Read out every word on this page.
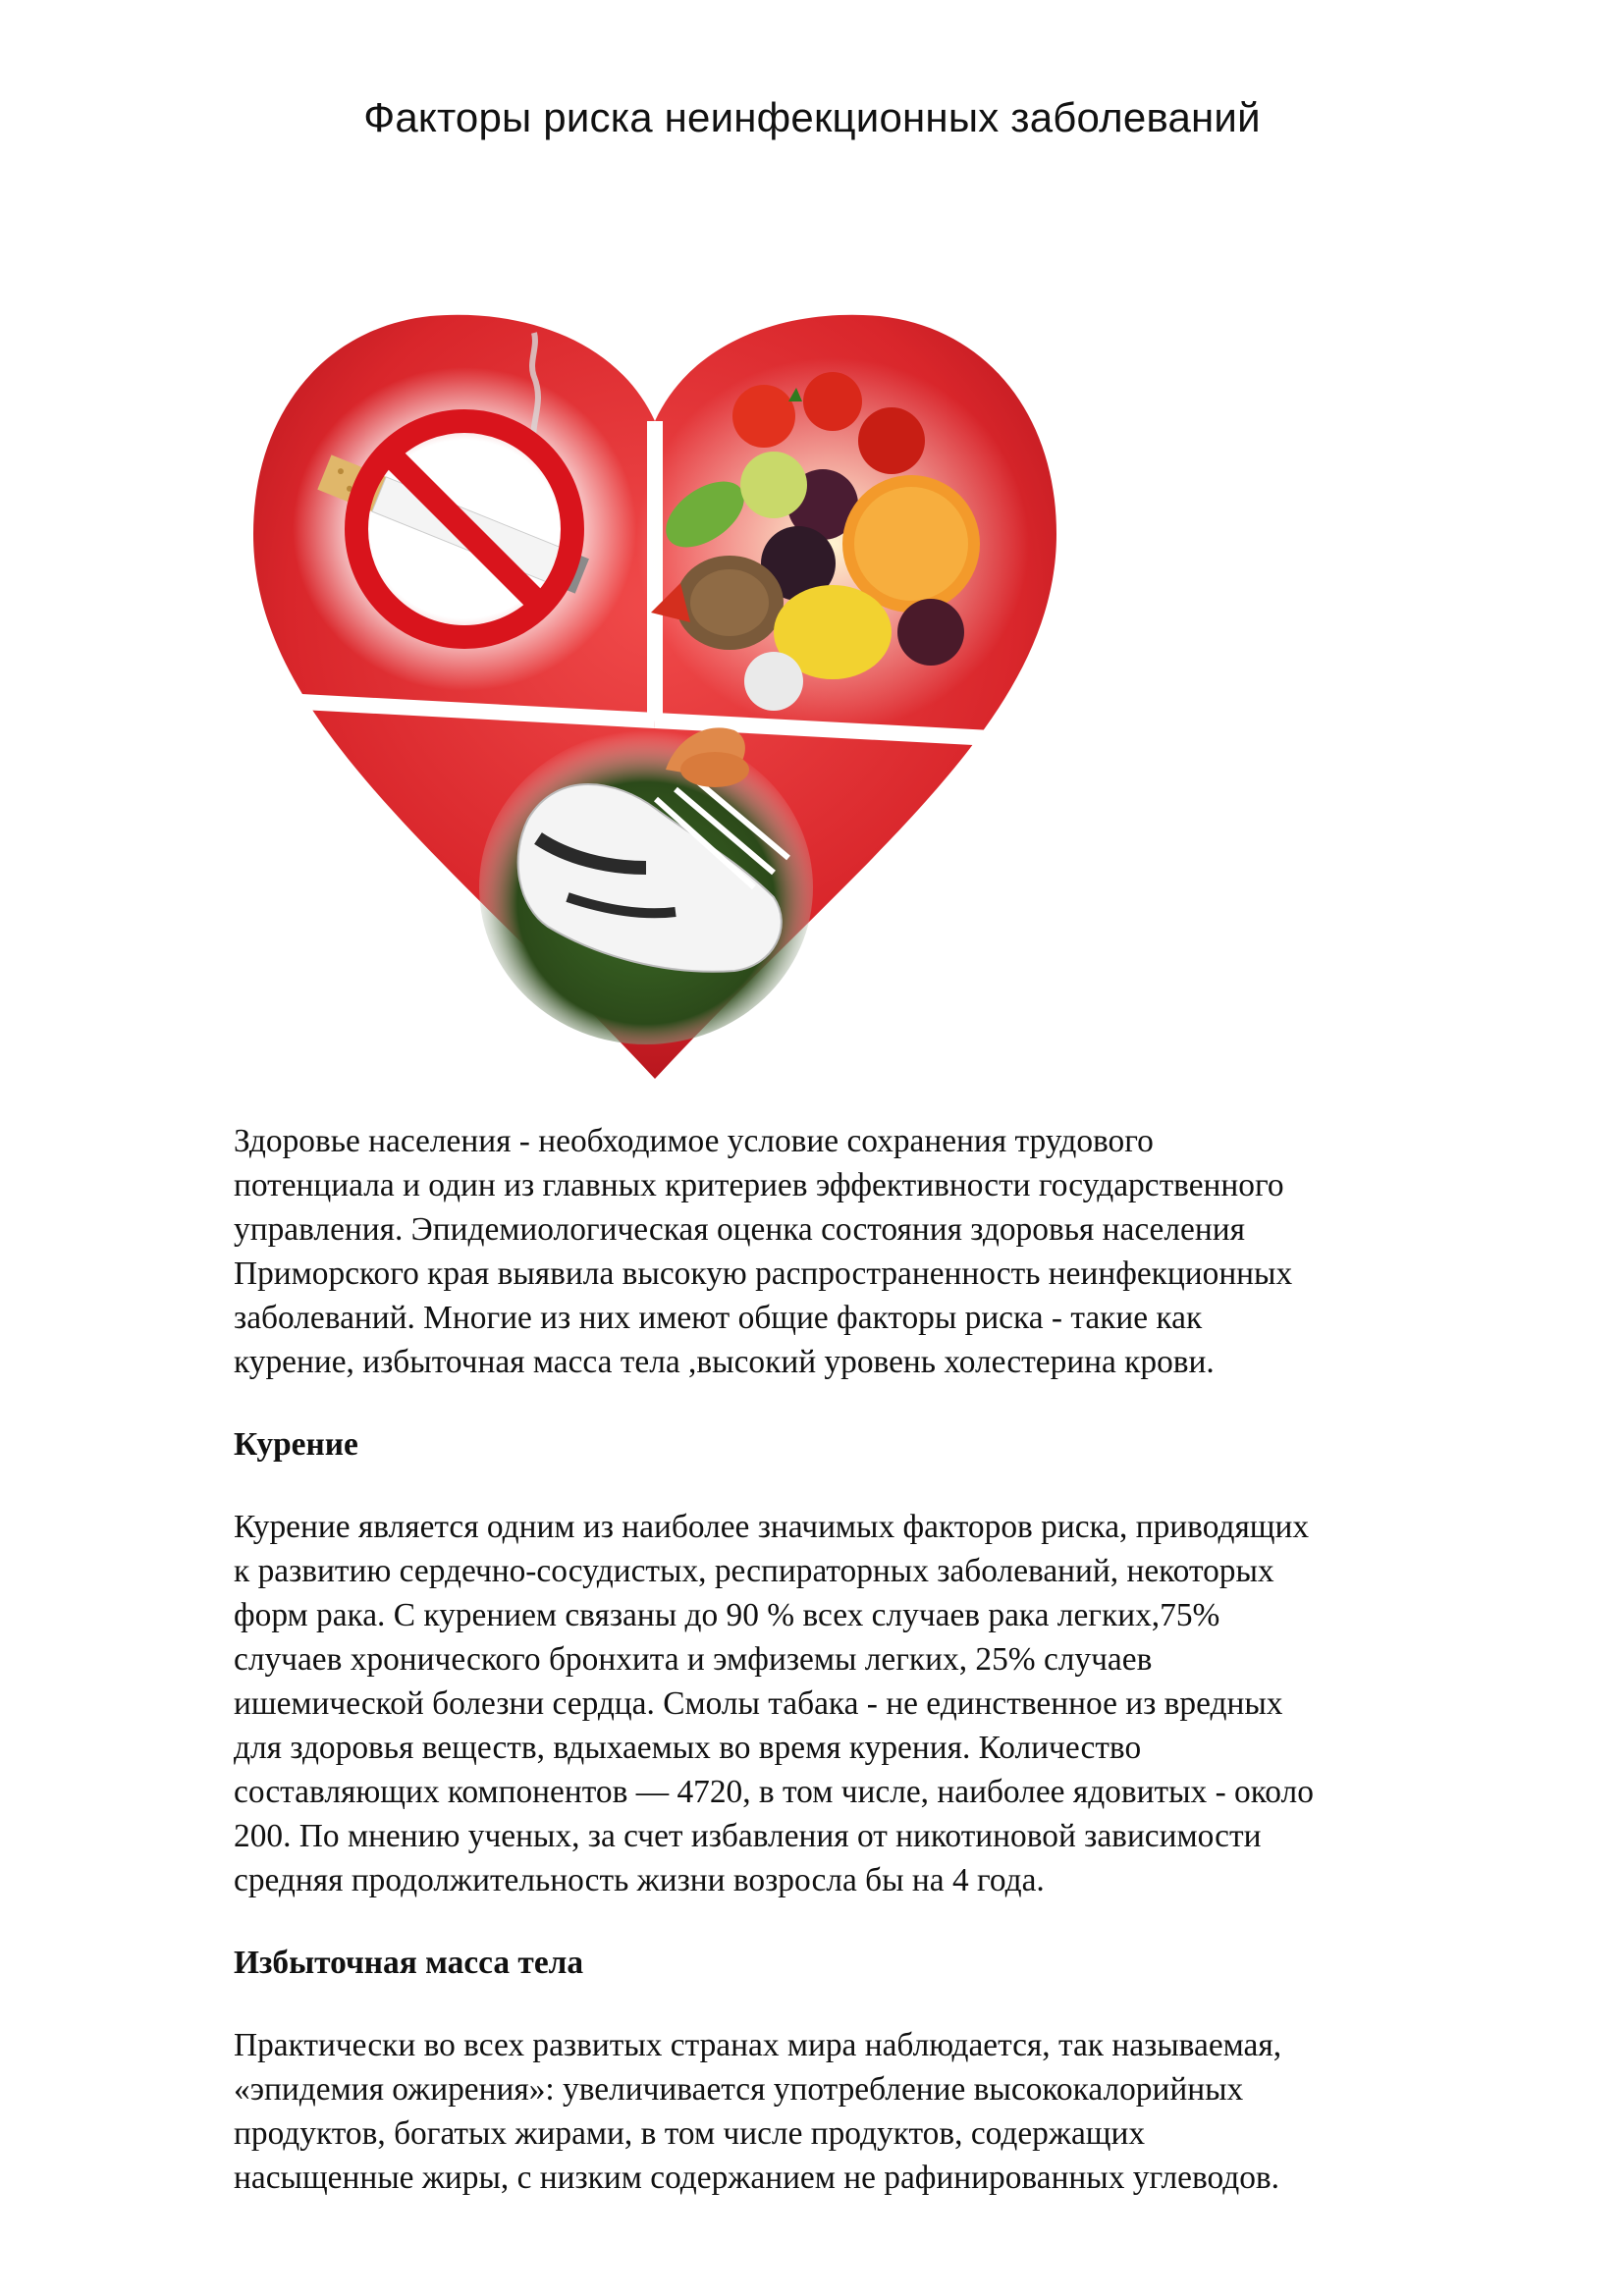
Факторы риска неинфекционных заболеваний

Здоровье населения - необходимое условие сохранения трудового
потенциала и один из главных критериев эффективности государственного
управления. Эпидемиологическая оценка состояния здоровья населения
Приморского края выявила высокую распространенность неинфекционных
заболеваний. Многие из них имеют общие факторы риска - такие как
курение, избыточная масса тела ,высокий уровень холестерина крови.

Курение

Курение является одним из наиболее значимых факторов риска, приводящих
к развитию сердечно-сосудистых, респираторных заболеваний, некоторых
форм рака. С курением связаны до 90 % всех случаев рака легких,75%
случаев хронического бронхита и эмфиземы легких, 25% случаев
ишемической болезни сердца. Смолы табака - не единственное из вредных
для здоровья веществ, вдыхаемых во время курения. Количество
составляющих компонентов — 4720, в том числе, наиболее ядовитых - около
200. По мнению ученых, за счет избавления от никотиновой зависимости
средняя продолжительность жизни возросла бы на 4 года.

Избыточная масса тела

Практически во всех развитых странах мира наблюдается, так называемая,
«эпидемия ожирения»: увеличивается употребление высококалорийных
продуктов, богатых жирами, в том числе продуктов, содержащих
насыщенные жиры, с низким содержанием не рафинированных углеводов.
